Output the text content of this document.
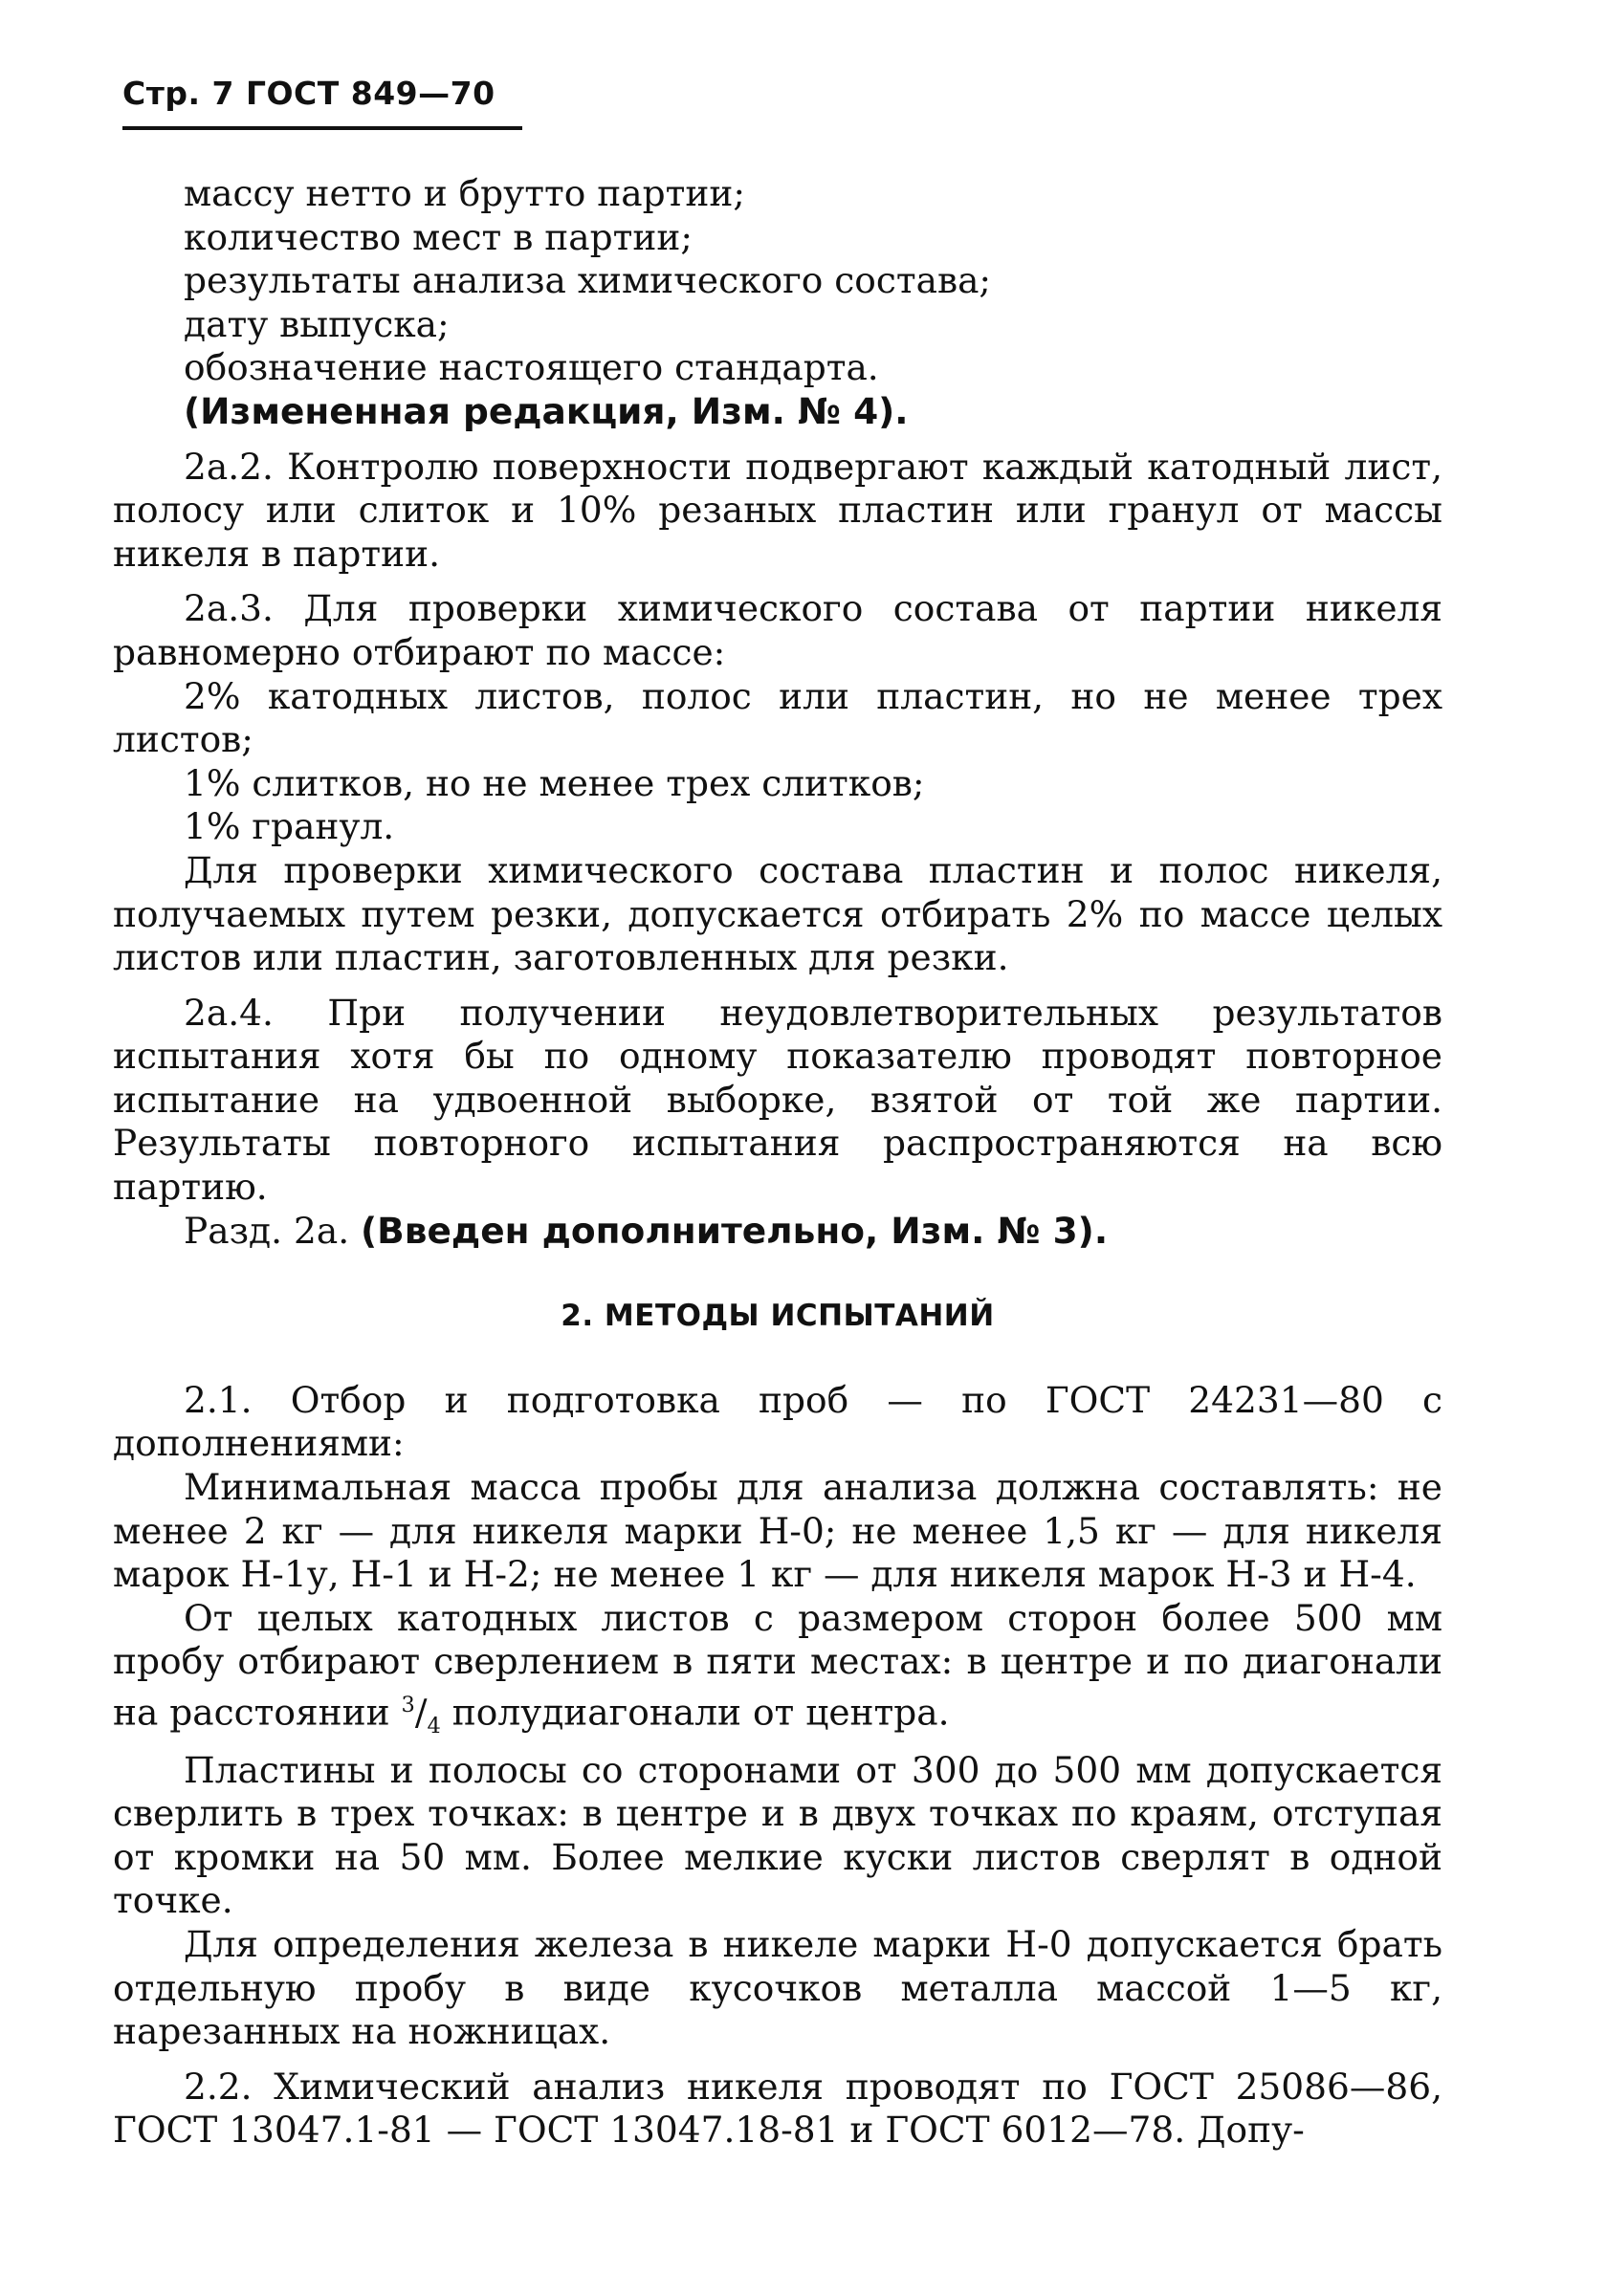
Стр. 7 ГОСТ 849—70
массу нетто и брутто партии;
количество мест в партии;
результаты анализа химического состава;
дату выпуска;
обозначение настоящего стандарта.
(Измененная редакция, Изм. № 4).

2а.2. Контролю поверхности подвергают каждый катодный лист, полосу или слиток и 10% резаных пластин или гранул от массы никеля в партии.

2а.3. Для проверки химического состава от партии никеля равномерно отбирают по массе:

2% катодных листов, полос или пластин, но не менее трех листов;

1% слитков, но не менее трех слитков;

1% гранул.

Для проверки химического состава пластин и полос никеля, получаемых путем резки, допускается отбирать 2% по массе целых листов или пластин, заготовленных для резки.

2а.4. При получении неудовлетворительных результатов испытания хотя бы по одному показателю проводят повторное испытание на удвоенной выборке, взятой от той же партии. Результаты повторного испытания распространяются на всю партию.

Разд. 2а. (Введен дополнительно, Изм. № 3).

2. МЕТОДЫ ИСПЫТАНИЙ

2.1. Отбор и подготовка проб — по ГОСТ 24231—80 с дополнениями:

Минимальная масса пробы для анализа должна составлять: не менее 2 кг — для никеля марки Н-0; не менее 1,5 кг — для никеля марок Н-1у, Н-1 и Н-2; не менее 1 кг — для никеля марок Н-3 и Н-4.

От целых катодных листов с размером сторон более 500 мм пробу отбирают сверлением в пяти местах: в центре и по диагонали на расстоянии $^3/_4$ полудиагонали от центра.

Пластины и полосы со сторонами от 300 до 500 мм допускается сверлить в трех точках: в центре и в двух точках по краям, отступая от кромки на 50 мм. Более мелкие куски листов сверлят в одной точке.

Для определения железа в никеле марки Н-0 допускается брать отдельную пробу в виде кусочков металла массой 1—5 кг, нарезанных на ножницах.

2.2. Химический анализ никеля проводят по ГОСТ 25086—86, ГОСТ 13047.1-81 — ГОСТ 13047.18-81 и ГОСТ 6012—78. Допу-
